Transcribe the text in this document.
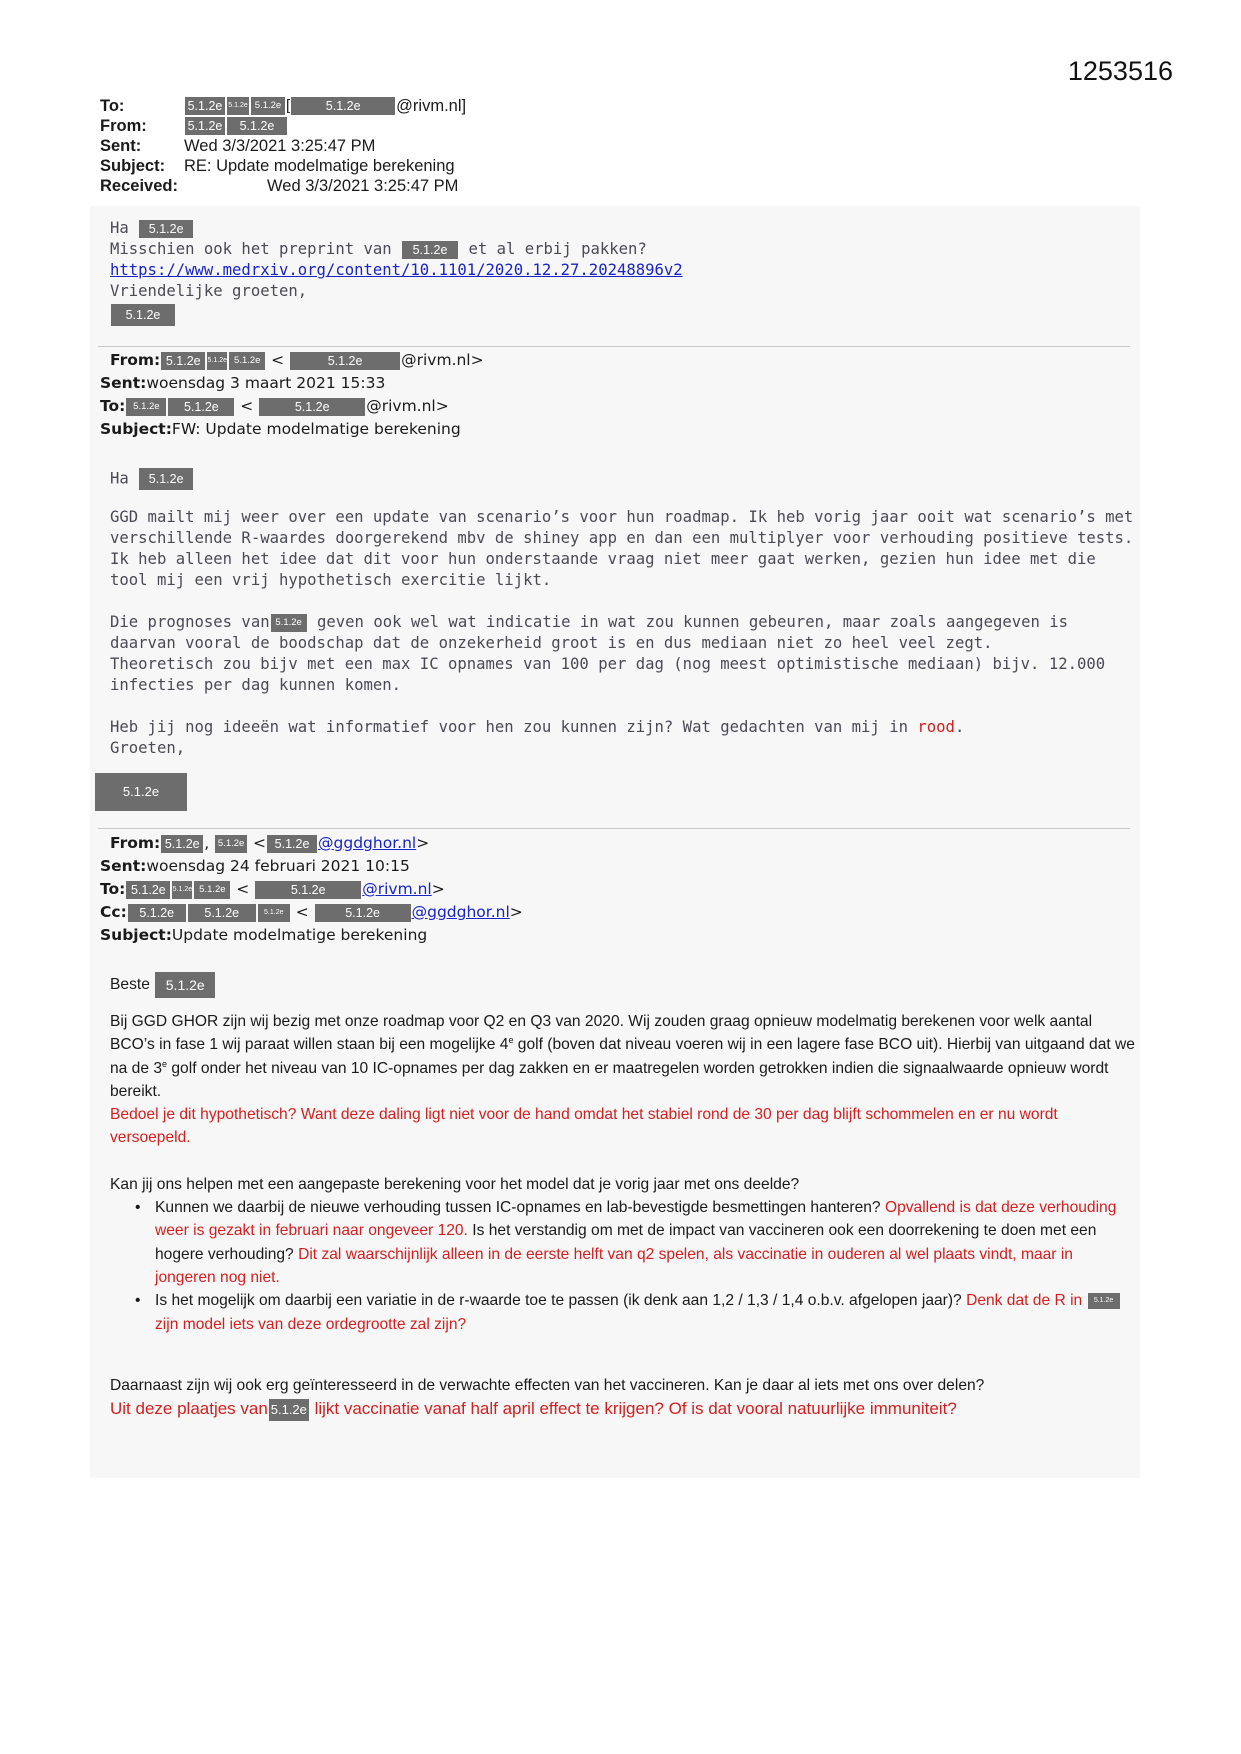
1253516
To:	5.1.2e 5.1.2e 5.1.2e [	5.1.2e	@rivm.nl]
From:	5.1.2e	5.1.2e
Sent:	Wed 3/3/2021 3:25:47 PM
Subject:	RE: Update modelmatige berekening
Received:	Wed 3/3/2021 3:25:47 PM
Ha 5.1.2e
Misschien ook het preprint van 5.1.2e et al erbij pakken?
https://www.medrxiv.org/content/10.1101/2020.12.27.20248896v2
Vriendelijke groeten,
5.1.2e
From: 5.1.2e 5.1.2e 5.1.2e <	5.1.2e	@rivm.nl>
Sent: woensdag 3 maart 2021 15:33
To: 5.1.2e	5.1.2e	<	5.1.2e	@rivm.nl>
Subject: FW: Update modelmatige berekening
Ha 5.1.2e
GGD mailt mij weer over een update van scenario’s voor hun roadmap. Ik heb vorig jaar ooit wat scenario’s met verschillende R-waardes doorgerekend mbv de shiney app en dan een multiplyer voor verhouding positieve tests. Ik heb alleen het idee dat dit voor hun onderstaande vraag niet meer gaat werken, gezien hun idee met die tool mij een vrij hypothetisch exercitie lijkt.
Die prognoses van 5.1.2e geven ook wel wat indicatie in wat zou kunnen gebeuren, maar zoals aangegeven is daarvan vooral de boodschap dat de onzekerheid groot is en dus mediaan niet zo heel veel zegt.
Theoretisch zou bijv met een max IC opnames van 100 per dag (nog meest optimistische mediaan) bijv. 12.000 infecties per dag kunnen komen.
Heb jij nog ideeën wat informatief voor hen zou kunnen zijn? Wat gedachten van mij in rood.
Groeten,
5.1.2e
From: 5.1.2e , 5.1.2e < 5.1.2e @ggdghor.nl >
Sent: woensdag 24 februari 2021 10:15
To: 5.1.2e 5.1.2e 5.1.2e <	5.1.2e	@rivm.nl >
Cc:	5.1.2e	5.1.2e	5.1.2e <	5.1.2e	@ggdghor.nl >
Subject: Update modelmatige berekening
Beste 5.1.2e
Bij GGD GHOR zijn wij bezig met onze roadmap voor Q2 en Q3 van 2020. Wij zouden graag opnieuw modelmatig berekenen voor welk aantal BCO’s in fase 1 wij paraat willen staan bij een mogelijke 4e golf (boven dat niveau voeren wij in een lagere fase BCO uit). Hierbij van uitgaand dat we na de 3e golf onder het niveau van 10 IC-opnames per dag zakken en er maatregelen worden getrokken indien die signaalwaarde opnieuw wordt bereikt.
Bedoel je dit hypothetisch? Want deze daling ligt niet voor de hand omdat het stabiel rond de 30 per dag blijft schommelen en er nu wordt versoepeld.
Kan jij ons helpen met een aangepaste berekening voor het model dat je vorig jaar met ons deelde?
• Kunnen we daarbij de nieuwe verhouding tussen IC-opnames en lab-bevestigde besmettingen hanteren? Opvallend is dat deze verhouding weer is gezakt in februari naar ongeveer 120. Is het verstandig om met de impact van vaccineren ook een doorrekening te doen met een hogere verhouding? Dit zal waarschijnlijk alleen in de eerste helft van q2 spelen, als vaccinatie in ouderen al wel plaats vindt, maar in jongeren nog niet.
• Is het mogelijk om daarbij een variatie in de r-waarde toe te passen (ik denk aan 1,2 / 1,3 / 1,4 o.b.v. afgelopen jaar)? Denk dat de R in 5.1.2e zijn model iets van deze ordegrootte zal zijn?
Daarnaast zijn wij ook erg geïnteresseerd in de verwachte effecten van het vaccineren. Kan je daar al iets met ons over delen?
Uit deze plaatjes van 5.1.2e lijkt vaccinatie vanaf half april effect te krijgen? Of is dat vooral natuurlijke immuniteit?
